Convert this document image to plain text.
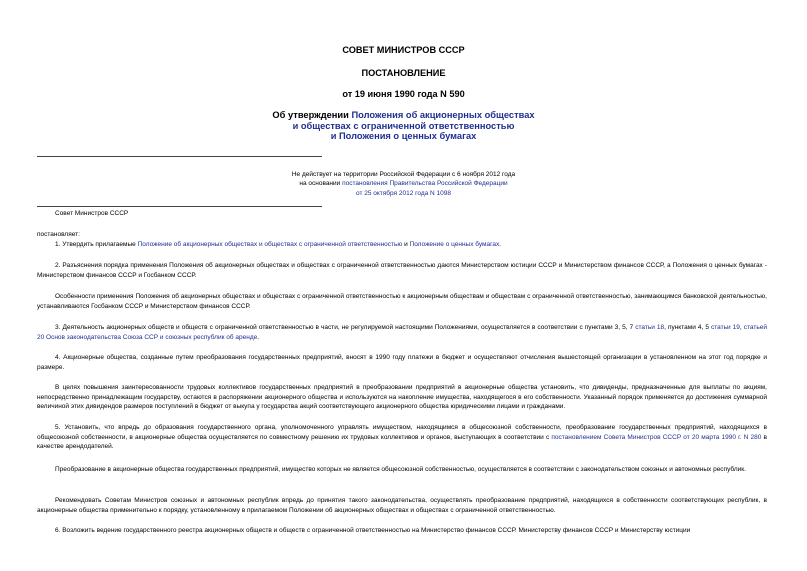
СОВЕТ МИНИСТРОВ СССР
ПОСТАНОВЛЕНИЕ
от 19 июня 1990 года N 590
Об утверждении Положения об акционерных обществах
и обществах с ограниченной ответственностью
и Положения о ценных бумагах
Не действует на территории Российской Федерации с 6 ноября 2012 года
на основании постановления Правительства Российской Федерации
от 25 октября 2012 года N 1098
Совет Министров СССР
постановляет:
1. Утвердить прилагаемые Положение об акционерных обществах и обществах с ограниченной ответственностью и Положение о ценных бумагах.
2. Разъяснения порядка применения Положения об акционерных обществах и обществах с ограниченной ответственностью даются Министерством юстиции СССР и Министерством финансов СССР, а Положения о ценных бумагах - Министерством финансов СССР и Госбанком СССР.
Особенности применения Положения об акционерных обществах и обществах с ограниченной ответственностью к акционерным обществам и обществам с ограниченной ответственностью, занимающимся банковской деятельностью, устанавливаются Госбанком СССР и Министерством финансов СССР.
3. Деятельность акционерных обществ и обществ с ограниченной ответственностью в части, не регулируемой настоящими Положениями, осуществляется в соответствии с пунктами 3, 5, 7 статьи 18, пунктами 4, 5 статьи 19, статьей 20 Основ законодательства Союза ССР и союзных республик об аренде.
4. Акционерные общества, созданные путем преобразования государственных предприятий, вносят в 1990 году платежи в бюджет и осуществляют отчисления вышестоящей организации в установленном на этот год порядке и размере.
В целях повышения заинтересованности трудовых коллективов государственных предприятий в преобразовании предприятий в акционерные общества установить, что дивиденды, предназначенные для выплаты по акциям, непосредственно принадлежащим государству, остаются в распоряжении акционерного общества и используются на накопление имущества, находящегося в его собственности. Указанный порядок применяется до достижения суммарной величиной этих дивидендов размеров поступлений в бюджет от выкупа у государства акций соответствующего акционерного общества юридическими лицами и гражданами.
5. Установить, что впредь до образования государственного органа, уполномоченного управлять имуществом, находящимся в общесоюзной собственности, преобразование государственных предприятий, находящихся в общесоюзной собственности, в акционерные общества осуществляется по совместному решению их трудовых коллективов и органов, выступающих в соответствии с постановлением Совета Министров СССР от 20 марта 1990 г. N 280 в качестве арендодателей.
Преобразование в акционерные общества государственных предприятий, имущество которых не является общесоюзной собственностью, осуществляется в соответствии с законодательством союзных и автономных республик.
Рекомендовать Советам Министров союзных и автономных республик впредь до принятия такого законодательства, осуществлять преобразование предприятий, находящихся в собственности соответствующих республик, в акционерные общества применительно к порядку, установленному в прилагаемом Положении об акционерных обществах и обществах с ограниченной ответственностью.
6. Возложить ведение государственного реестра акционерных обществ и обществ с ограниченной ответственностью на Министерство финансов СССР. Министерству финансов СССР и Министерству юстиции
